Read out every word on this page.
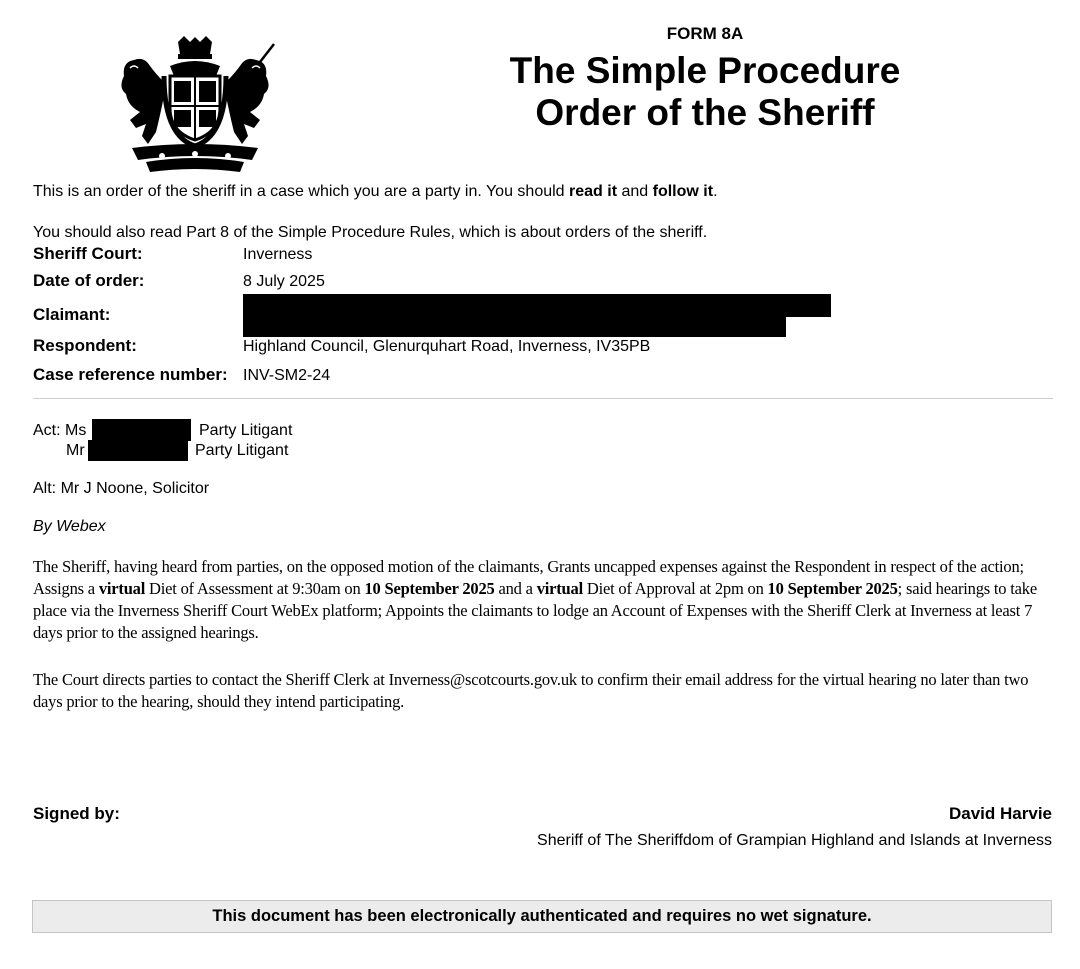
FORM 8A
The Simple Procedure
Order of the Sheriff
This is an order of the sheriff in a case which you are a party in. You should read it and follow it.
You should also read Part 8 of the Simple Procedure Rules, which is about orders of the sheriff.
Sheriff Court:	Inverness
Date of order:	8 July 2025
Claimant:
Respondent:	Highland Council, Glenurquhart Road, Inverness, IV35PB
Case reference number: INV-SM2-24
Act: Ms	Party Litigant
Mr	Party Litigant
Alt: Mr J Noone, Solicitor
By Webex
The Sheriff, having heard from parties, on the opposed motion of the claimants, Grants uncapped expenses against the Respondent in respect of the action; Assigns a virtual Diet of Assessment at 9:30am on 10 September 2025 and a virtual Diet of Approval at 2pm on 10 September 2025; said hearings to take place via the Inverness Sheriff Court WebEx platform; Appoints the claimants to lodge an Account of Expenses with the Sheriff Clerk at Inverness at least 7 days prior to the assigned hearings.
The Court directs parties to contact the Sheriff Clerk at Inverness@scotcourts.gov.uk to confirm their email address for the virtual hearing no later than two days prior to the hearing, should they intend participating.
Signed by:	David Harvie
Sheriff of The Sheriffdom of Grampian Highland and Islands at Inverness
This document has been electronically authenticated and requires no wet signature.
